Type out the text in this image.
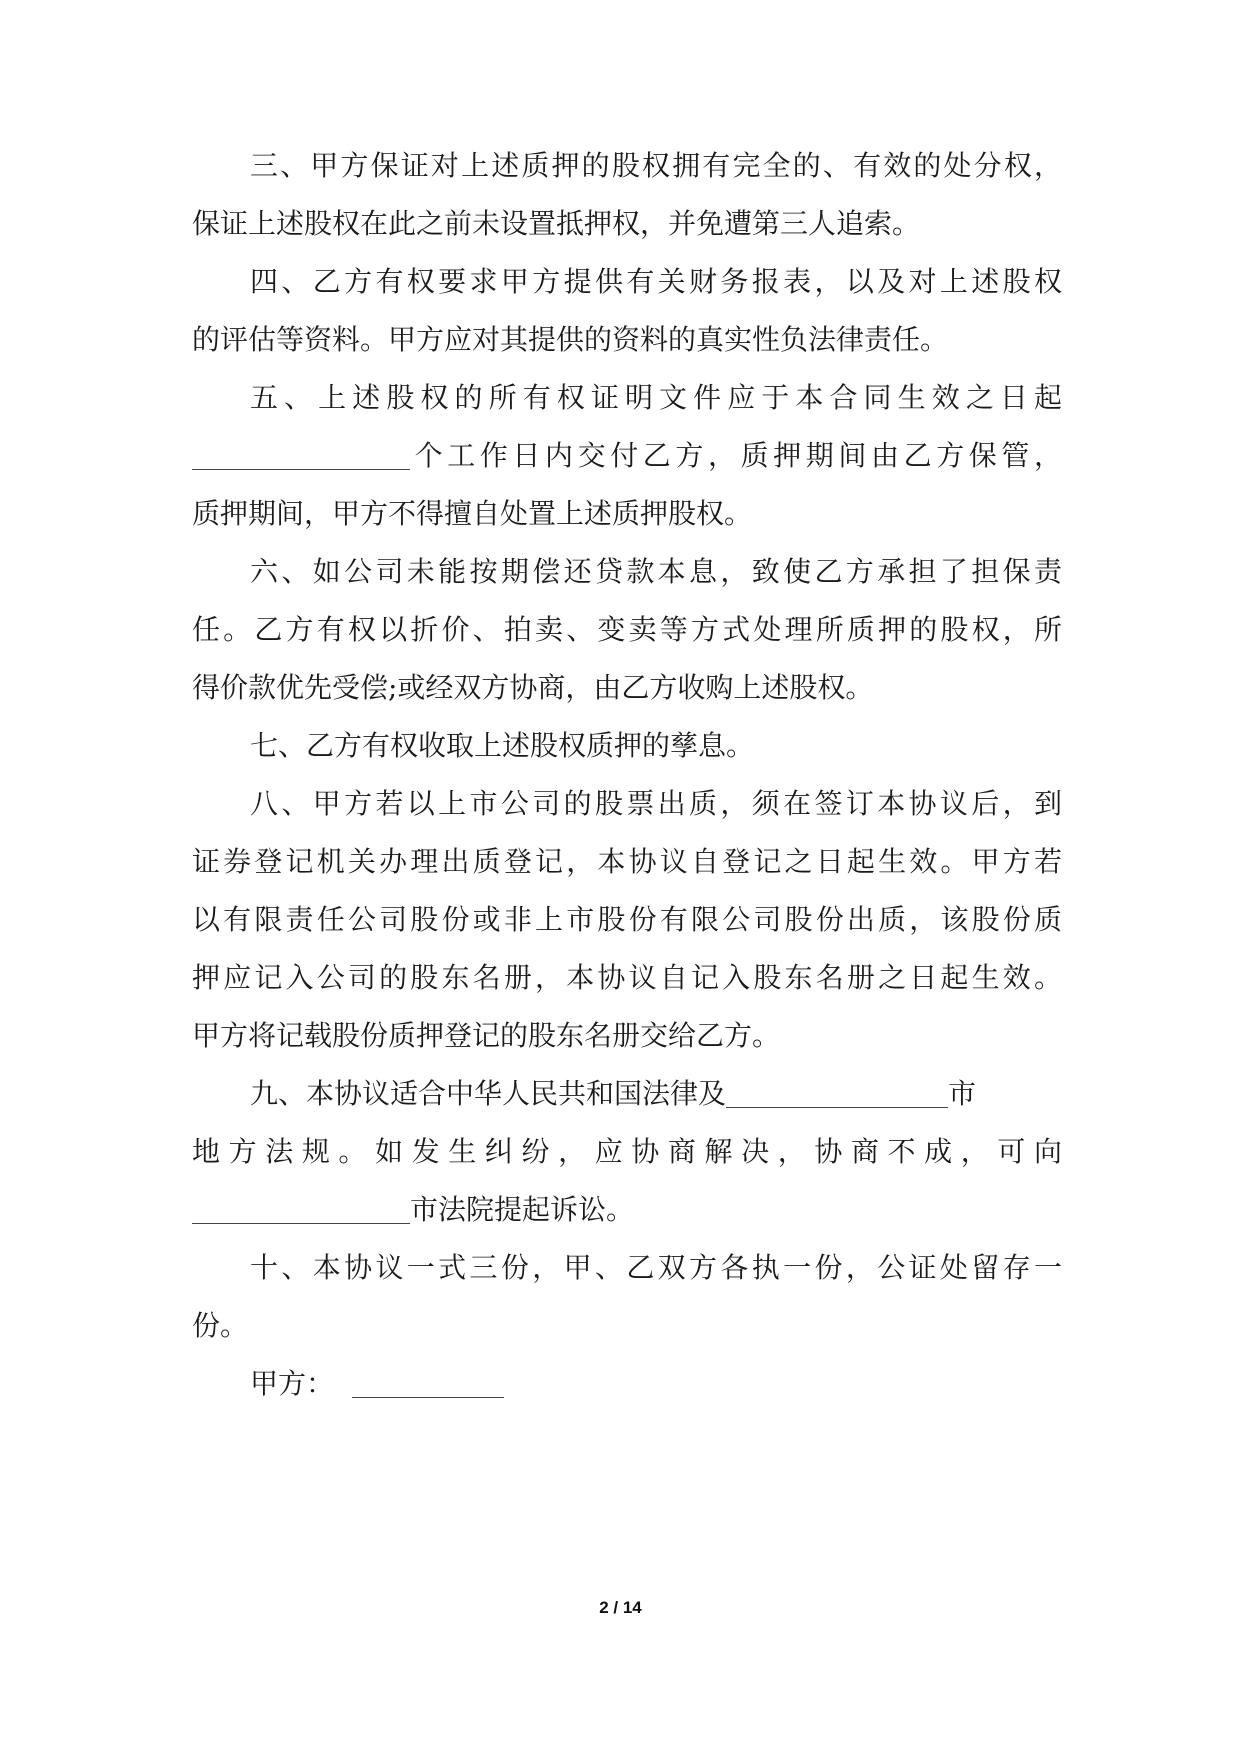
三、甲方保证对上述质押的股权拥有完全的、有效的处分权，
保证上述股权在此之前未设置抵押权，并免遭第三人追索。
四、乙方有权要求甲方提供有关财务报表，以及对上述股权
的评估等资料。甲方应对其提供的资料的真实性负法律责任。
五、上述股权的所有权证明文件应于本合同生效之日起
个工作日内交付乙方，质押期间由乙方保管，
质押期间，甲方不得擅自处置上述质押股权。
六、如公司未能按期偿还贷款本息，致使乙方承担了担保责
任。乙方有权以折价、拍卖、变卖等方式处理所质押的股权，所
得价款优先受偿;或经双方协商，由乙方收购上述股权。
七、乙方有权收取上述股权质押的孳息。
八、甲方若以上市公司的股票出质，须在签订本协议后，到
证券登记机关办理出质登记，本协议自登记之日起生效。甲方若
以有限责任公司股份或非上市股份有限公司股份出质，该股份质
押应记入公司的股东名册，本协议自记入股东名册之日起生效。
甲方将记载股份质押登记的股东名册交给乙方。
九、本协议适合中华人民共和国法律及	市
地方法规。如发生纠纷，应协商解决，协商不成，可向
市法院提起诉讼。
十、本协议一式三份，甲、乙双方各执一份，公证处留存一
份。
甲方：
2 / 14
